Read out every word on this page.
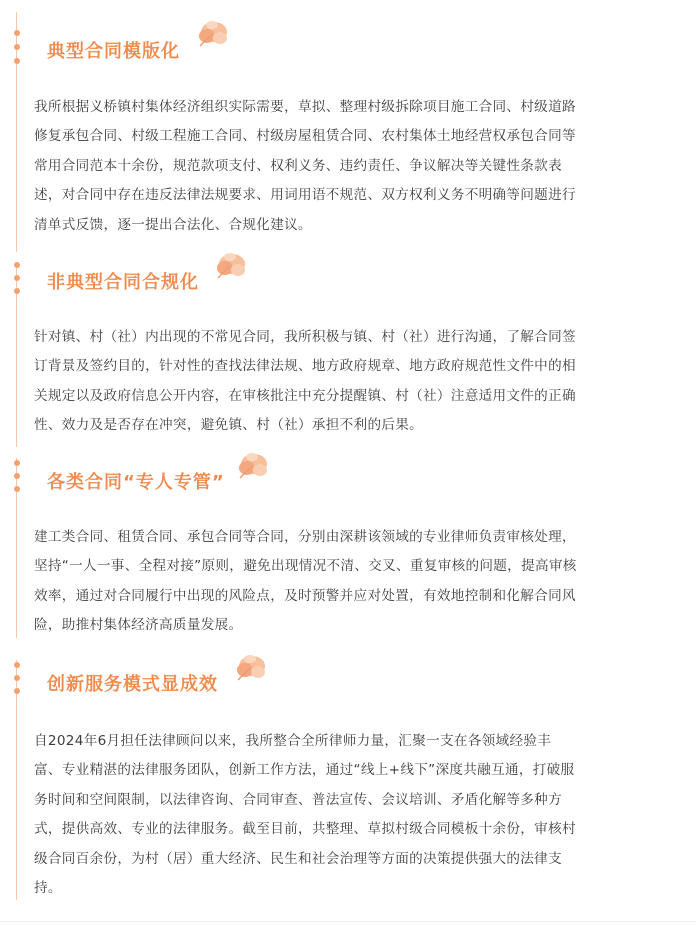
典型合同模版化
我所根据义桥镇村集体经济组织实际需要，草拟、整理村级拆除项目施工合同、村级道路
修复承包合同、村级工程施工合同、村级房屋租赁合同、农村集体土地经营权承包合同等
常用合同范本十余份，规范款项支付、权利义务、违约责任、争议解决等关键性条款表
述，对合同中存在违反法律法规要求、用词用语不规范、双方权利义务不明确等问题进行
清单式反馈，逐一提出合法化、合规化建议。
非典型合同合规化
针对镇、村（社）内出现的不常见合同，我所积极与镇、村（社）进行沟通，了解合同签
订背景及签约目的，针对性的查找法律法规、地方政府规章、地方政府规范性文件中的相
关规定以及政府信息公开内容，在审核批注中充分提醒镇、村（社）注意适用文件的正确
性、效力及是否存在冲突，避免镇、村（社）承担不利的后果。
各类合同“专人专管”
建工类合同、租赁合同、承包合同等合同，分别由深耕该领域的专业律师负责审核处理，
坚持“一人一事、全程对接”原则，避免出现情况不清、交叉、重复审核的问题，提高审核
效率，通过对合同履行中出现的风险点，及时预警并应对处置，有效地控制和化解合同风
险，助推村集体经济高质量发展。
创新服务模式显成效
自2024年6月担任法律顾问以来，我所整合全所律师力量，汇聚一支在各领域经验丰
富、专业精湛的法律服务团队，创新工作方法，通过“线上+线下”深度共融互通，打破服
务时间和空间限制，以法律咨询、合同审查、普法宣传、会议培训、矛盾化解等多种方
式，提供高效、专业的法律服务。截至目前，共整理、草拟村级合同模板十余份，审核村
级合同百余份，为村（居）重大经济、民生和社会治理等方面的决策提供强大的法律支
持。
